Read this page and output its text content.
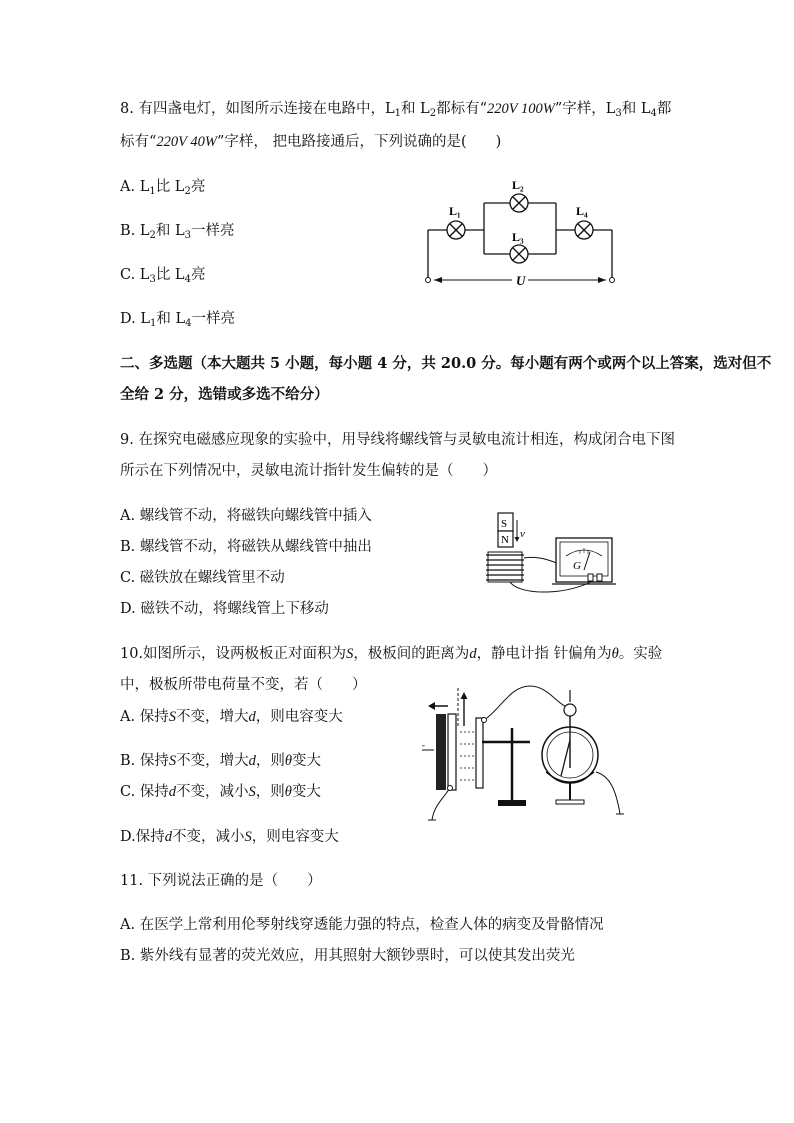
8. 有四盏电灯，如图所示连接在电路中，$L_1$和 $L_2$都标有“220V 100W”字样，$L_3$和 $L_4$都
标有“220V 40W”字样， 把电路接通后，下列说确的是(　　)
A. $L_1$比 $L_2$亮
B. $L_2$和 $L_3$一样亮
C. $L_3$比 $L_4$亮
D. $L_1$和 $L_4$一样亮
L₁
L₂
L₃
L₄
U
二、多选题（本大题共 5 小题，每小题 4 分，共 20.0 分。每小题有两个或两个以上答案，选对但不
全给 2 分，选错或多选不给分）
9. 在探究电磁感应现象的实验中，用导线将螺线管与灵敏电流计相连，构成闭合电下图
所示在下列情况中，灵敏电流计指针发生偏转的是（　　）
A. 螺线管不动，将磁铁向螺线管中插入
B. 螺线管不动，将磁铁从螺线管中抽出
C. 磁铁放在螺线管里不动
D. 磁铁不动，将螺线管上下移动
S
N v
G
10.如图所示，设两极板正对面积为S，极板间的距离为d，静电计指 针偏角为θ。实验
中，极板所带电荷量不变，若（　　）
A. 保持S不变，增大d，则电容变大
B. 保持S不变，增大d，则θ变大
C. 保持d不变，减小S，则θ变大
D.保持d不变，减小S，则电容变大
-
11. 下列说法正确的是（　　）
A. 在医学上常利用伦琴射线穿透能力强的特点，检查人体的病变及骨骼情况
B. 紫外线有显著的荧光效应，用其照射大额钞票时，可以使其发出荧光
